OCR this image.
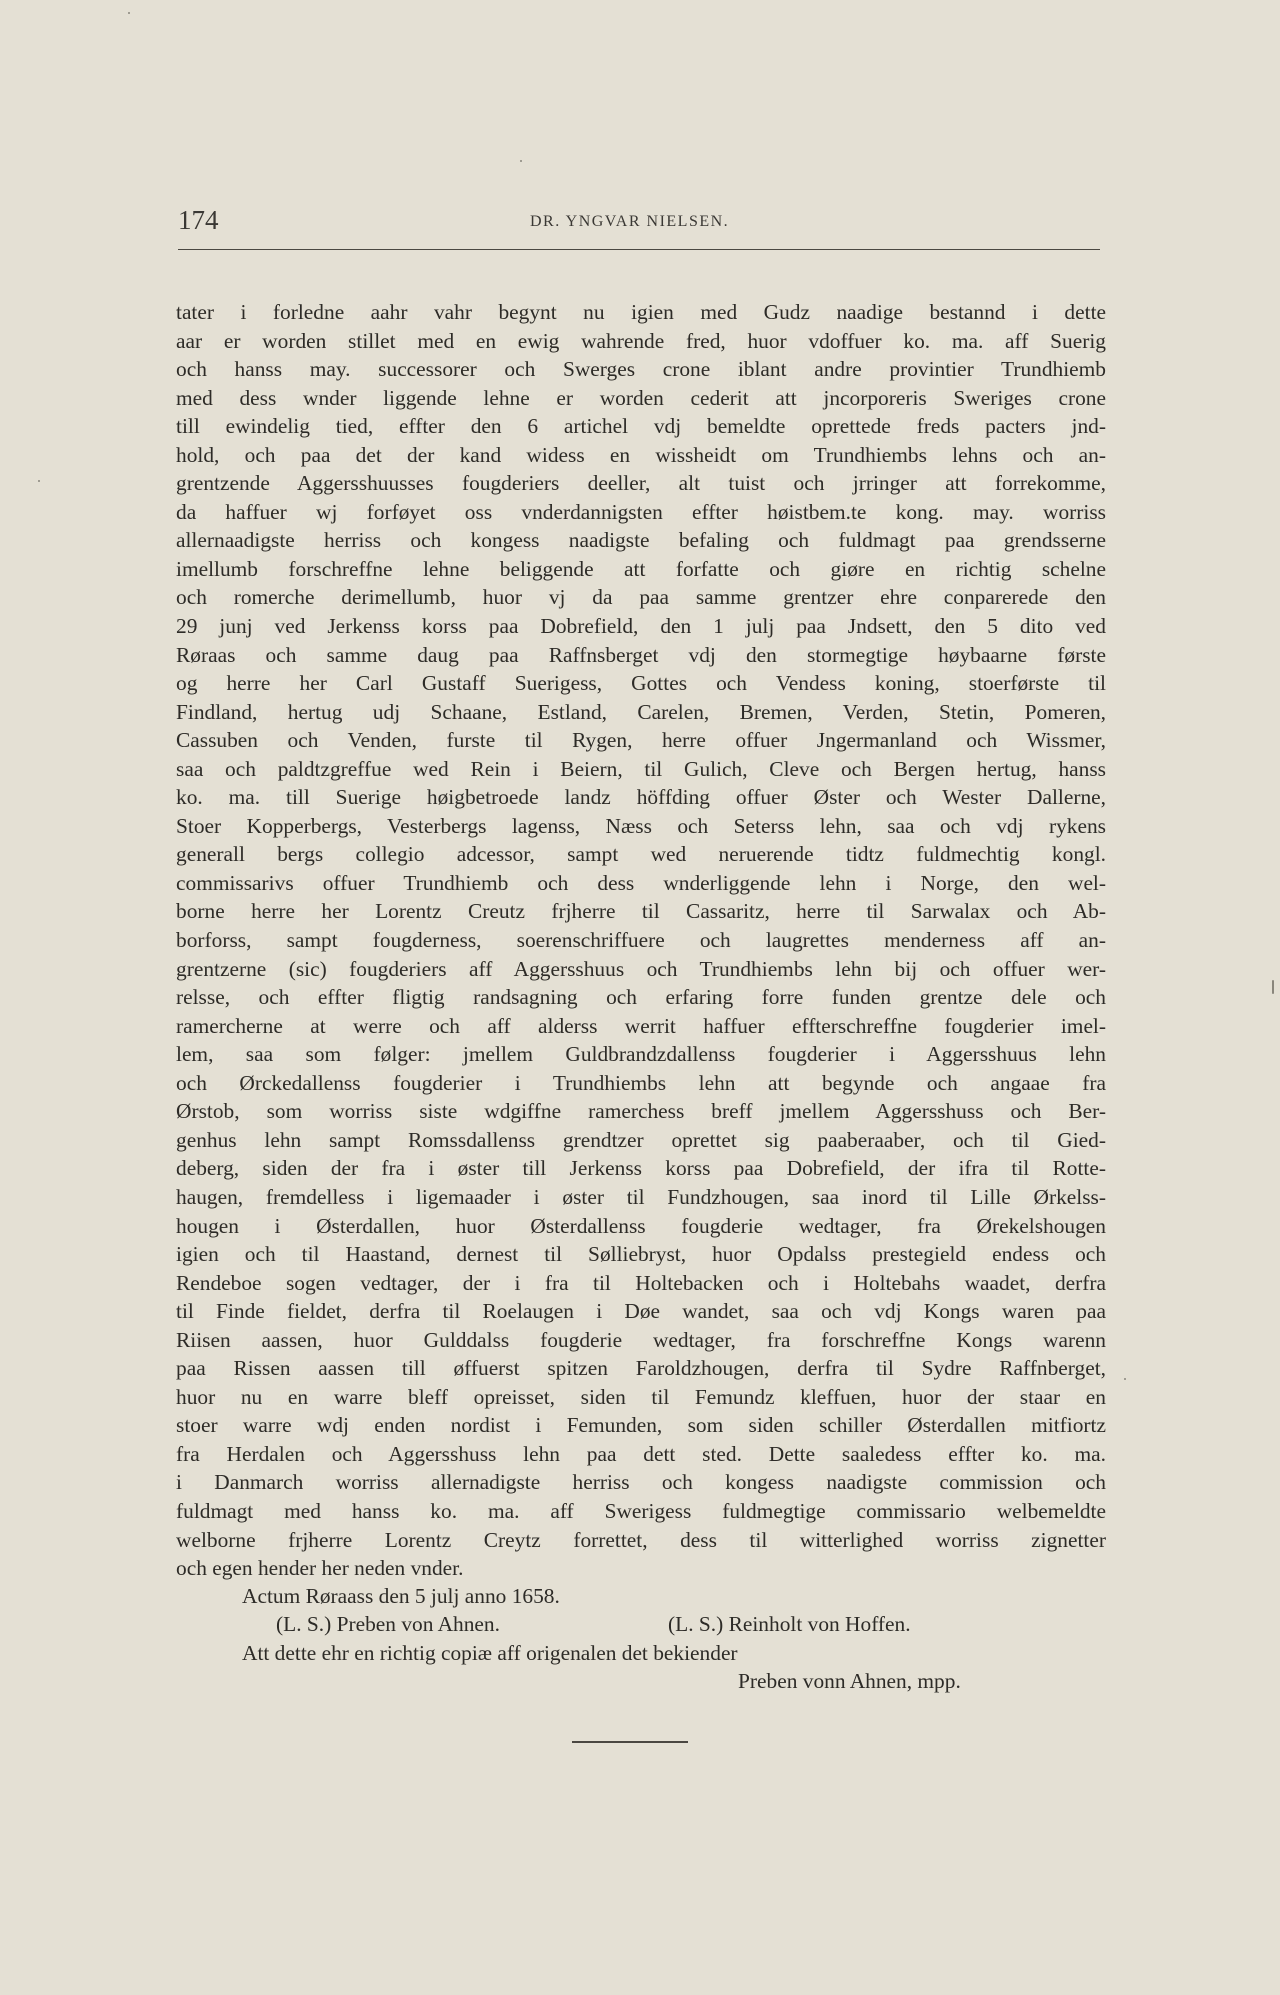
174	DR. YNGVAR NIELSEN.
tater i forledne aahr vahr begynt nu igien med Gudz naadige bestannd i dette
aar er worden stillet med en ewig wahrende fred, huor vdoffuer ko. ma. aff Suerig
och hanss may. successorer och Swerges crone iblant andre provintier Trundhiemb
med dess wnder liggende lehne er worden cederit att jncorporeris Sweriges crone
till ewindelig tied, effter den 6 artichel vdj bemeldte oprettede freds pacters jnd-
hold, och paa det der kand widess en wissheidt om Trundhiembs lehns och an-
grentzende Aggersshuusses fougderiers deeller, alt tuist och jrringer att forrekomme,
da haffuer wj forføyet oss vnderdannigsten effter høistbem.te kong. may. worriss
allernaadigste herriss och kongess naadigste befaling och fuldmagt paa grendsserne
imellumb forschreffne lehne beliggende att forfatte och giøre en richtig schelne
och romerche derimellumb, huor vj da paa samme grentzer ehre conparerede den
29 junj ved Jerkenss korss paa Dobrefield, den 1 julj paa Jndsett, den 5 dito ved
Røraas och samme daug paa Raffnsberget vdj den stormegtige høybaarne første
og herre her Carl Gustaff Suerigess, Gottes och Vendess koning, stoerførste til
Findland, hertug udj Schaane, Estland, Carelen, Bremen, Verden, Stetin, Pomeren,
Cassuben och Venden, furste til Rygen, herre offuer Jngermanland och Wissmer,
saa och paldtzgreffue wed Rein i Beiern, til Gulich, Cleve och Bergen hertug, hanss
ko. ma. till Suerige høigbetroede landz höffding offuer Øster och Wester Dallerne,
Stoer Kopperbergs, Vesterbergs lagenss, Næss och Seterss lehn, saa och vdj rykens
generall bergs collegio adcessor, sampt wed neruerende tidtz fuldmechtig kongl.
commissarivs offuer Trundhiemb och dess wnderliggende lehn i Norge, den wel-
borne herre her Lorentz Creutz frjherre til Cassaritz, herre til Sarwalax och Ab-
borforss, sampt fougderness, soerenschriffuere och laugrettes menderness aff an-
grentzerne (sic) fougderiers aff Aggersshuus och Trundhiembs lehn bij och offuer wer-
relsse, och effter fligtig randsagning och erfaring forre funden grentze dele och
ramercherne at werre och aff alderss werrit haffuer effterschreffne fougderier imel-
lem, saa som følger: jmellem Guldbrandzdallenss fougderier i Aggersshuus lehn
och Ørckedallenss fougderier i Trundhiembs lehn att begynde och angaae fra
Ørstob, som worriss siste wdgiffne ramerchess breff jmellem Aggersshuss och Ber-
genhus lehn sampt Romssdallenss grendtzer oprettet sig paaberaaber, och til Gied-
deberg, siden der fra i øster till Jerkenss korss paa Dobrefield, der ifra til Rotte-
haugen, fremdelless i ligemaader i øster til Fundzhougen, saa inord til Lille Ørkelss-
hougen i Østerdallen, huor Østerdallenss fougderie wedtager, fra Ørekelshougen
igien och til Haastand, dernest til Sølliebryst, huor Opdalss prestegield endess och
Rendeboe sogen vedtager, der i fra til Holtebacken och i Holtebahs waadet, derfra
til Finde fieldet, derfra til Roelaugen i Døe wandet, saa och vdj Kongs waren paa
Riisen aassen, huor Gulddalss fougderie wedtager, fra forschreffne Kongs warenn
paa Rissen aassen till øffuerst spitzen Faroldzhougen, derfra til Sydre Raffnberget,
huor nu en warre bleff opreisset, siden til Femundz kleffuen, huor der staar en
stoer warre wdj enden nordist i Femunden, som siden schiller Østerdallen mitfiortz
fra Herdalen och Aggersshuss lehn paa dett sted. Dette saaledess effter ko. ma.
i Danmarch worriss allernadigste herriss och kongess naadigste commission och
fuldmagt med hanss ko. ma. aff Swerigess fuldmegtige commissario welbemeldte
welborne frjherre Lorentz Creytz forrettet, dess til witterlighed worriss zignetter
och egen hender her neden vnder.
Actum Røraass den 5 julj anno 1658.
(L. S.) Preben von Ahnen.	(L. S.) Reinholt von Hoffen.
Att dette ehr en richtig copiæ aff origenalen det bekiender
Preben vonn Ahnen, mpp.
